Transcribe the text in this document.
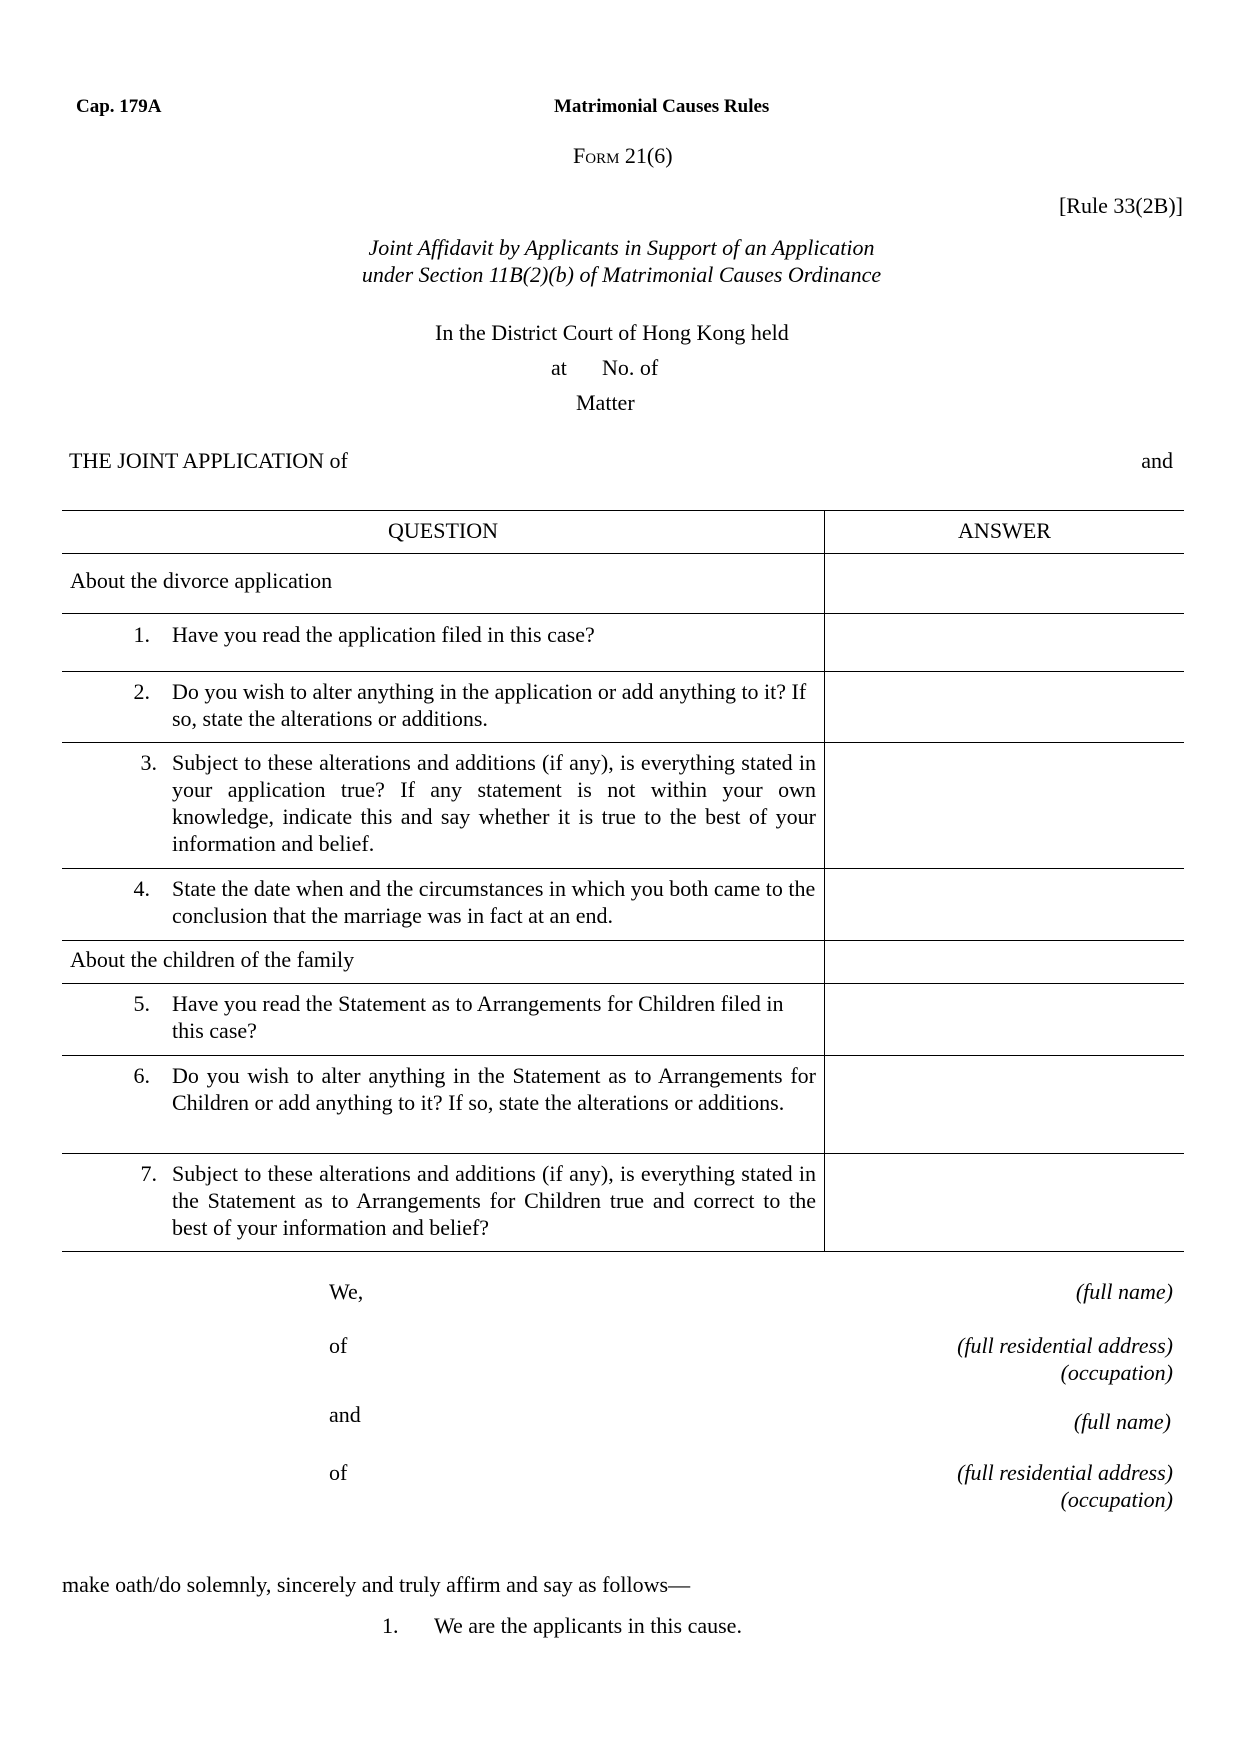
Cap. 179A	Matrimonial Causes Rules
Form 21(6)
[Rule 33(2B)]
Joint Affidavit by Applicants in Support of an Application
under Section 11B(2)(b) of Matrimonial Causes Ordinance
In the District Court of Hong Kong held
at No. of
Matter
THE JOINT APPLICATION of	and
QUESTION	ANSWER
About the divorce application	

1. Have you read the application filed in this case?	

2. Do you wish to alter anything in the application or add anything to it? If so, state the alterations or additions.	

3. Subject to these alterations and additions (if any), is everything stated in your application true? If any statement is not within your own knowledge, indicate this and say whether it is true to the best of your information and belief.	

4. State the date when and the circumstances in which you both came to the conclusion that the marriage was in fact at an end.	

About the children of the family	

5. Have you read the Statement as to Arrangements for Children filed in this case?	

6. Do you wish to alter anything in the Statement as to Arrangements for Children or add anything to it? If so, state the alterations or additions.	

7. Subject to these alterations and additions (if any), is everything stated in the Statement as to Arrangements for Children true and correct to the best of your information and belief?	

We,	(full name)
of	(full residential address)
(occupation)
and	(full name)
of	(full residential address)
(occupation)
make oath/do solemnly, sincerely and truly affirm and say as follows—
1. We are the applicants in this cause.
